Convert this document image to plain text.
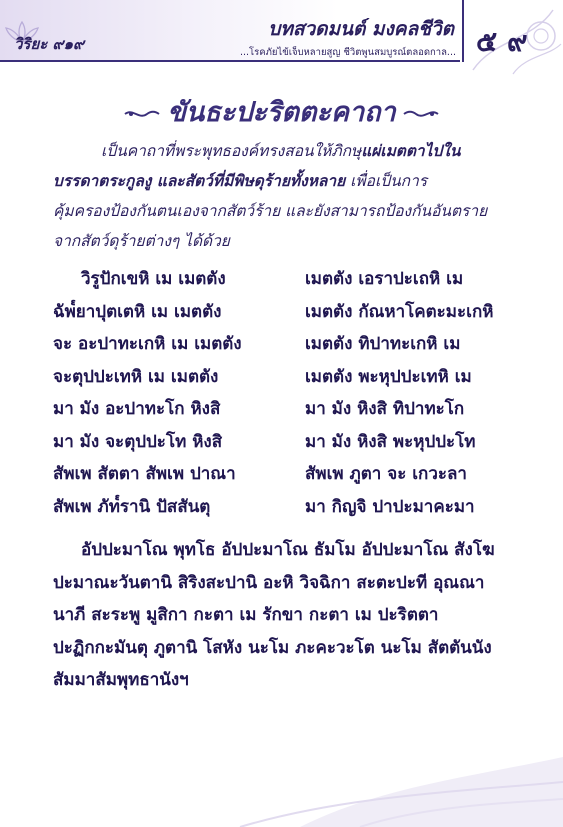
วิริยะ ๙๑๙
บทสวดมนต์ มงคลชีวิต
...โรคภัยไข้เจ็บหลายสูญ ชีวิตพูนสมบูรณ์ตลอดกาล... ๕ ๙
ขันธะปะริตตะคาถา

เป็นคาถาที่พระพุทธองค์ทรงสอนให้ภิกษุแผ่เมตตาไปใน

บรรดาตระกูลงู และสัตว์ที่มีพิษดุร้ายทั้งหลาย เพื่อเป็นการ

คุ้มครองป้องกันตนเองจากสัตว์ร้าย และยังสามารถป้องกันอันตราย

จากสัตว์ดุร้ายต่างๆ ได้ด้วย

วิรูปักเขหิ เม เมตตัง	เมตตัง เอราปะเถหิ เม
ฉัพ๎ยาปุตเตหิ เม เมตตัง	เมตตัง กัณหาโคตะมะเกหิ
จะ อะปาทะเกหิ เม เมตตัง	เมตตัง ทิปาทะเกหิ เม
จะตุปปะเทหิ เม เมตตัง	เมตตัง พะหุปปะเทหิ เม
มา มัง อะปาทะโก หิงสิ	มา มัง หิงสิ ทิปาทะโก
มา มัง จะตุปปะโท หิงสิ	มา มัง หิงสิ พะหุปปะโท
สัพเพ สัตตา สัพเพ ปาณา	สัพเพ ภูตา จะ เกวะลา
สัพเพ ภัท๎รานิ ปัสสันตุ	มา กิญจิ ปาปะมาคะมา
อัปปะมาโณ พุทโธ อัปปะมาโณ ธัมโม อัปปะมาโณ สังโฆ
ปะมาณะวันตานิ สิริงสะปานิ อะหิ วิจฉิกา สะตะปะที อุณณา
นาภี สะระพู มูสิกา กะตา เม รักขา กะตา เม ปะริตตา
ปะฏิกกะมันตุ ภูตานิ โสหัง นะโม ภะคะวะโต นะโม สัตตันนัง
สัมมาสัมพุทธานังฯ
